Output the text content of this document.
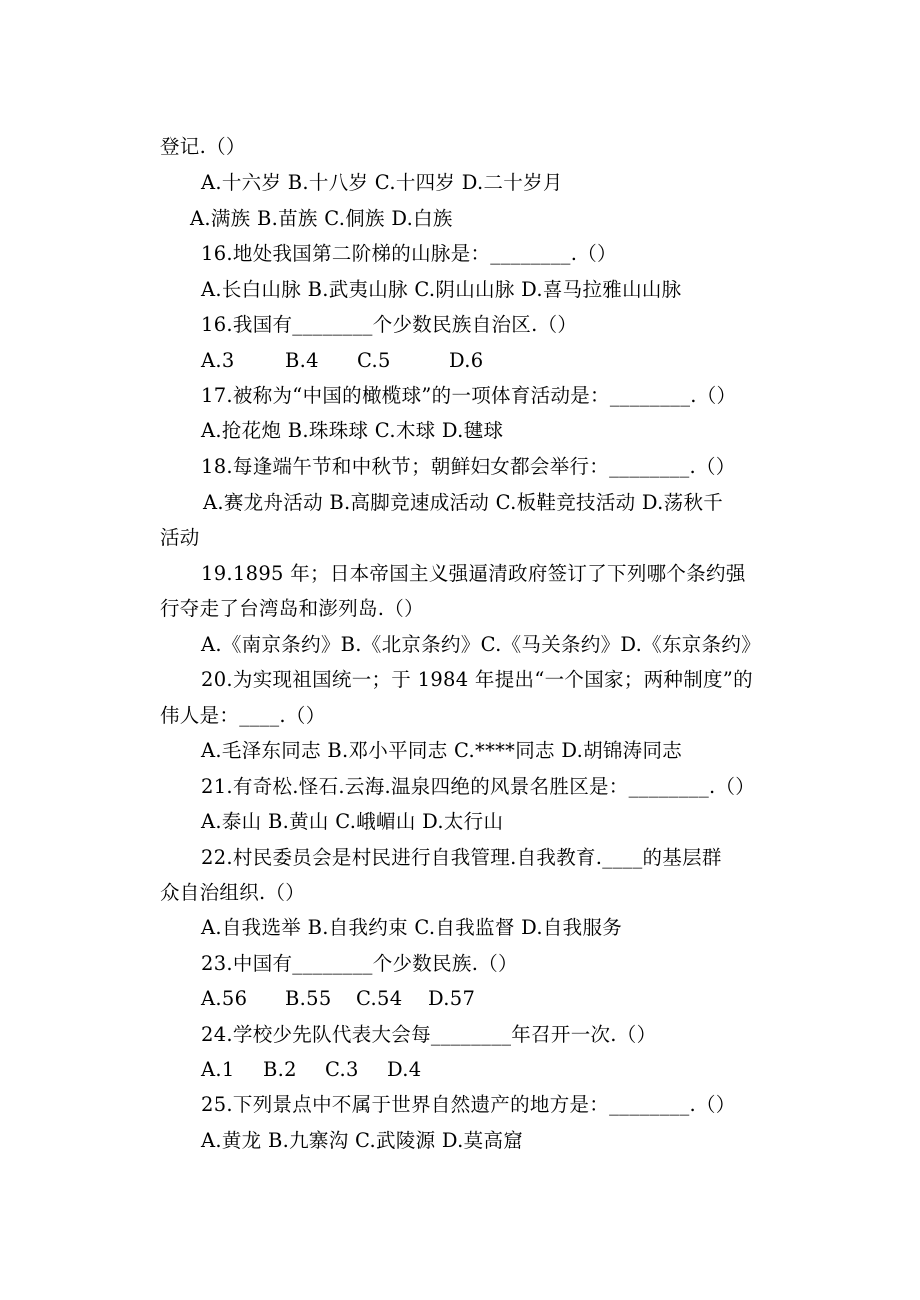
登记.（）
A.十六岁 B.十八岁 C.十四岁 D.二十岁月
A.满族 B.苗族 C.侗族 D.白族
16.地处我国第二阶梯的山脉是：________.（）
A.长白山脉 B.武夷山脉 C.阴山山脉 D.喜马拉雅山山脉
16.我国有________个少数民族自治区.（）
A.3	B.4 C.5	D.6
17.被称为“中国的橄榄球”的一项体育活动是：________.（）
A.抢花炮 B.珠珠球 C.木球 D.毽球
18.每逢端午节和中秋节；朝鲜妇女都会举行：________.（）
A.赛龙舟活动 B.高脚竞速成活动 C.板鞋竞技活动 D.荡秋千
活动
19.1895 年；日本帝国主义强逼清政府签订了下列哪个条约强
行夺走了台湾岛和澎列岛.（）
A.《南京条约》B.《北京条约》C.《马关条约》D.《东京条约》
20.为实现祖国统一；于 1984 年提出“一个国家；两种制度”的
伟人是：____.（）
A.毛泽东同志 B.邓小平同志 C.****同志 D.胡锦涛同志
21.有奇松.怪石.云海.温泉四绝的风景名胜区是：________.（）
A.泰山 B.黄山 C.峨嵋山 D.太行山
22.村民委员会是村民进行自我管理.自我教育.____的基层群
众自治组织.（）
A.自我选举 B.自我约束 C.自我监督 D.自我服务
23.中国有________个少数民族.（）
A.56 B.55 C.54 D.57
24.学校少先队代表大会每________年召开一次.（）
A.1 B.2 C.3 D.4
25.下列景点中不属于世界自然遗产的地方是：________.（）
A.黄龙 B.九寨沟 C.武陵源 D.莫高窟
